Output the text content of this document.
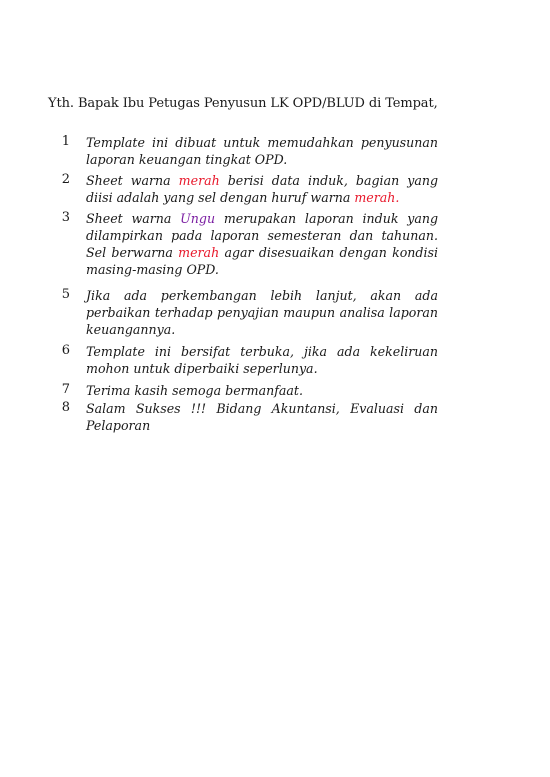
Yth. Bapak Ibu Petugas Penyusun LK OPD/BLUD di Tempat,
1 Template ini dibuat untuk memudahkan penyusunan laporan keuangan tingkat OPD.
2 Sheet warna merah berisi data induk, bagian yang diisi adalah yang sel dengan huruf warna merah.
3 Sheet warna Ungu merupakan laporan induk yang dilampirkan pada laporan semesteran dan tahunan. Sel berwarna merah agar disesuaikan dengan kondisi masing-masing OPD.
5 Jika ada perkembangan lebih lanjut, akan ada perbaikan terhadap penyajian maupun analisa laporan keuangannya.
6 Template ini bersifat terbuka, jika ada kekeliruan mohon untuk diperbaiki seperlunya.
7 Terima kasih semoga bermanfaat.
8 Salam Sukses !!! Bidang Akuntansi, Evaluasi dan Pelaporan
